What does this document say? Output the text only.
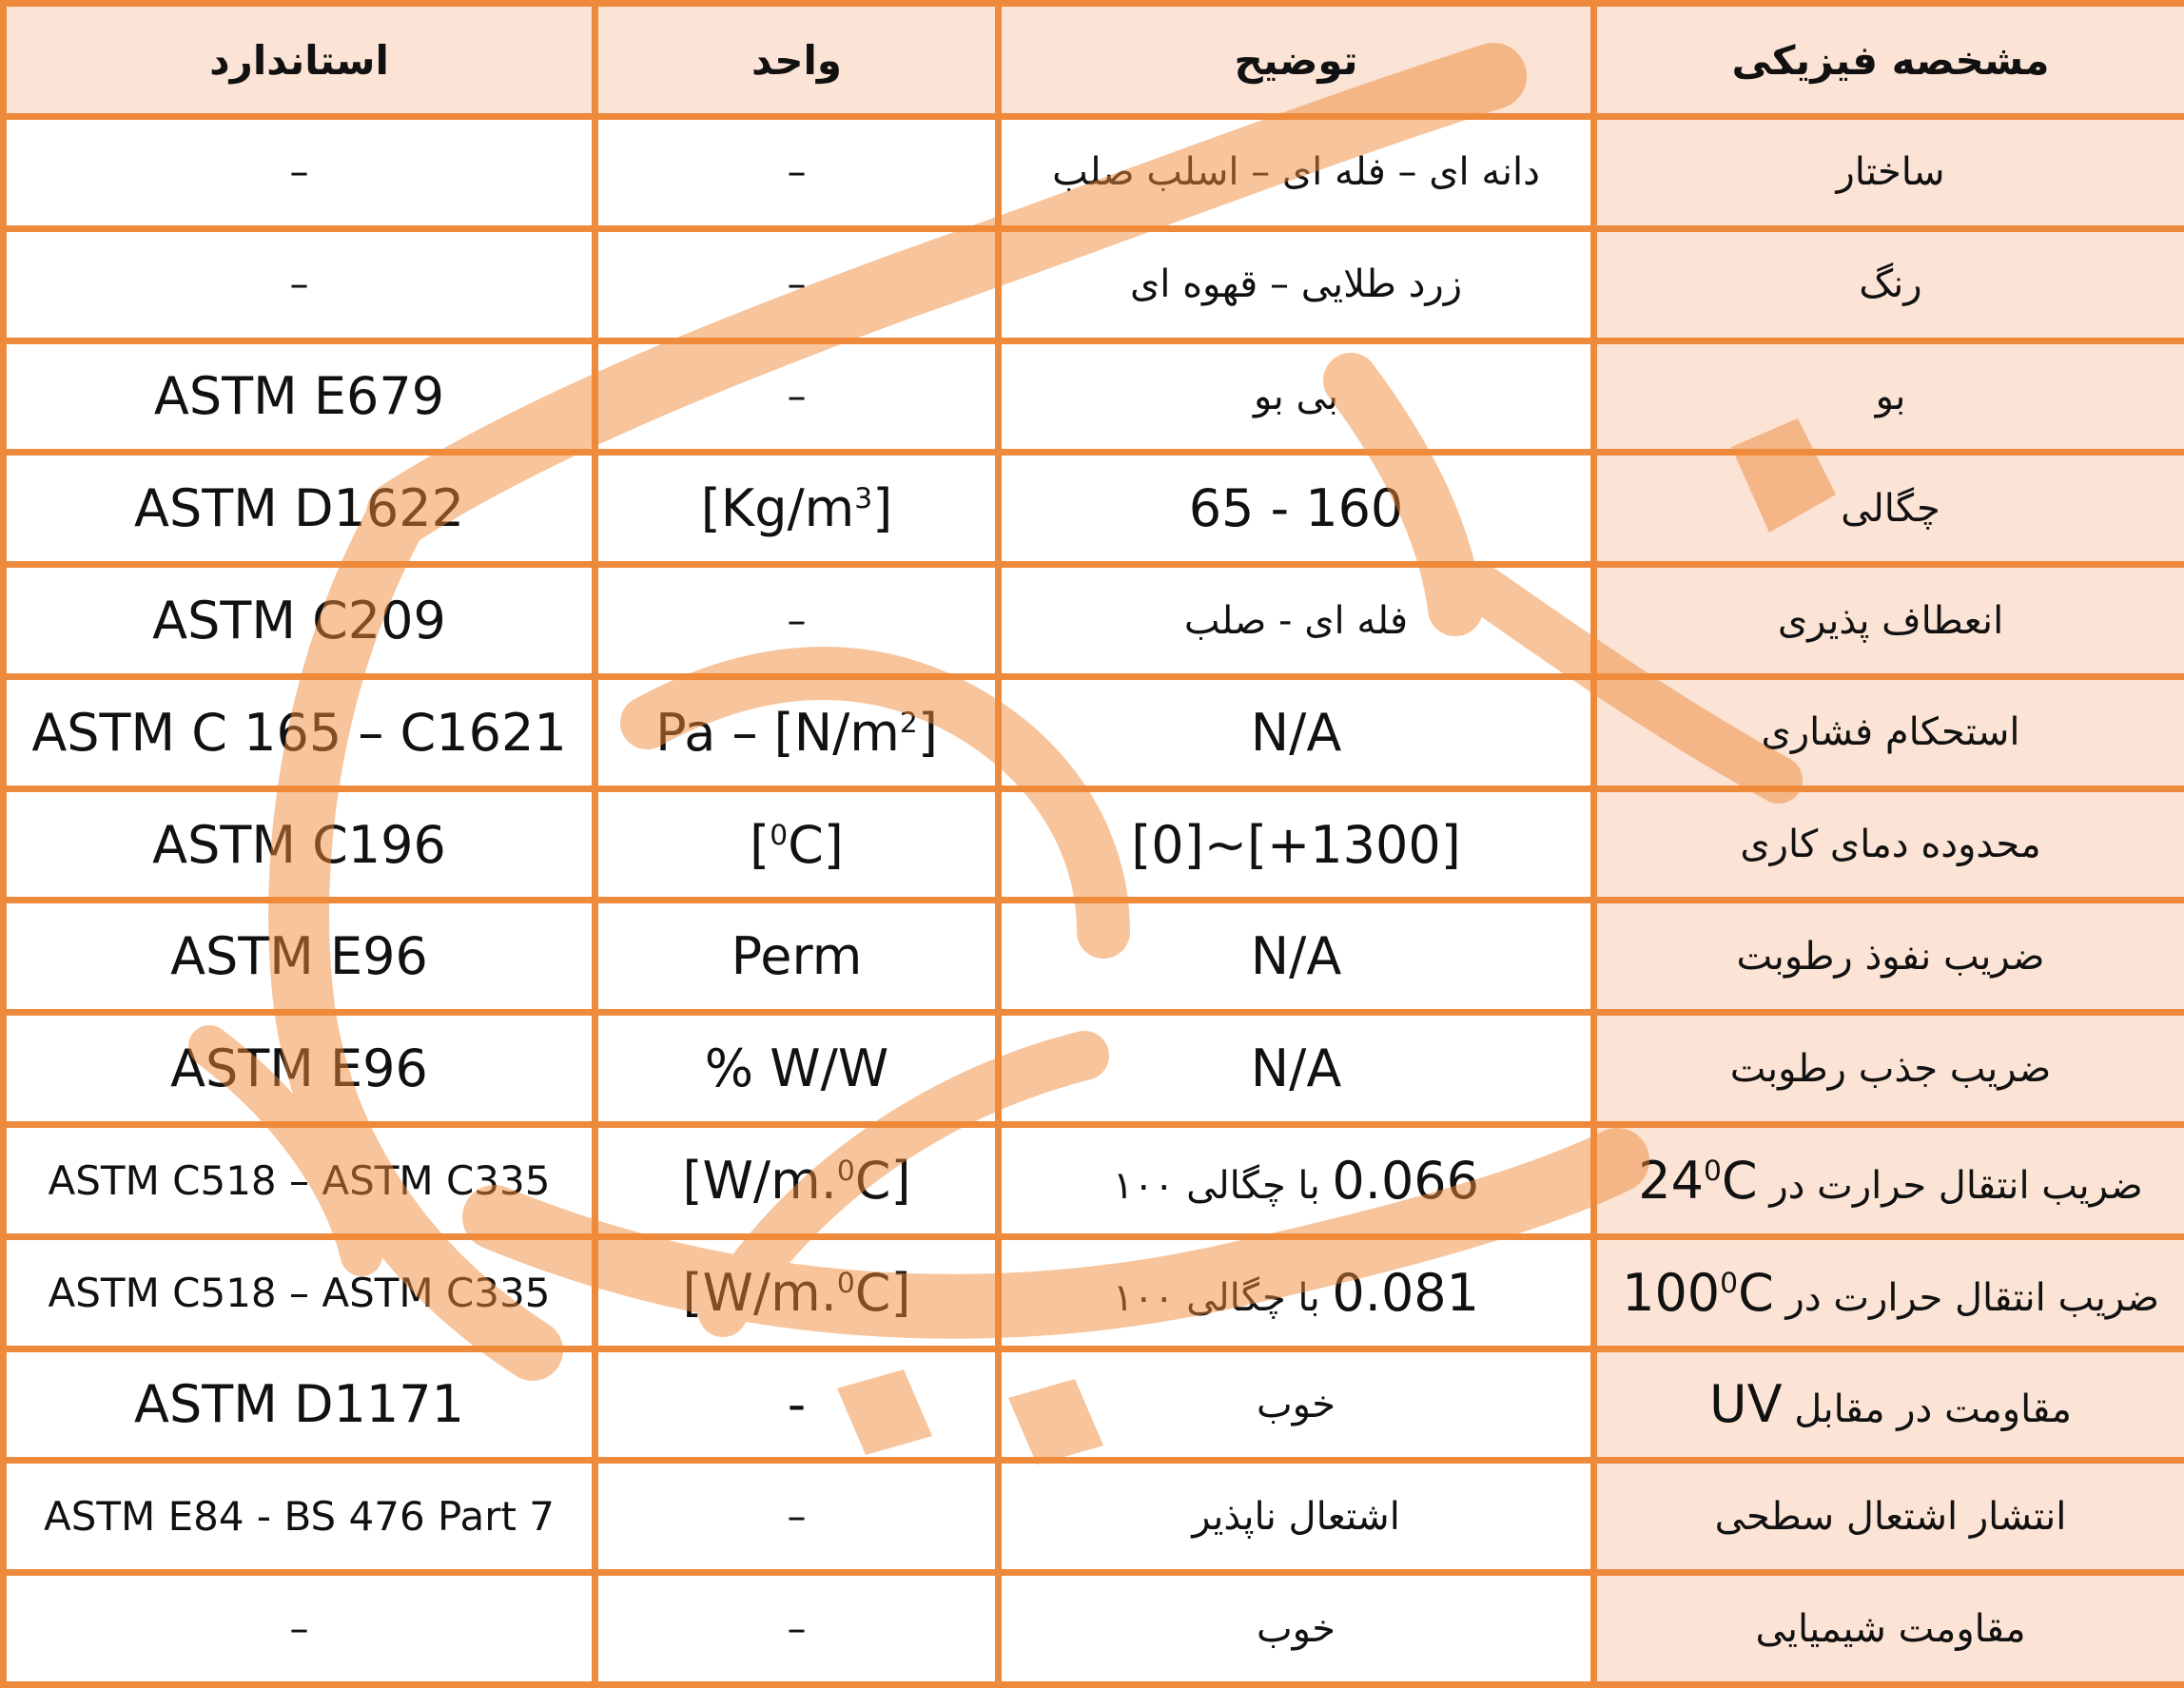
مشخصه فیزیکی	توضیح	واحد	استاندارد
ساختار	دانه ای – فله ای – اسلب صلب	–	–
رنگ	زرد طلایی – قهوه ای	–	–
بو	بی بو	–	ASTM E679
چگالی	65 - 160	$[Kg/m^3]$	ASTM D1622
انعطاف پذیری	فله ای - صلب	–	ASTM C209
استحکام فشاری	N/A	Pa – $[N/m^2]$	ASTM C 165 – C1621
محدوده دمای کاری	[0]~[+1300]	[$^0$C]	ASTM C196
ضریب نفوذ رطوبت	N/A	Perm	ASTM E96
ضریب جذب رطوبت	N/A	% W/W	ASTM E96
ضریب انتقال حرارت در $24^0C$	0.066 با چگالی ۱۰۰	[W/m.$^0$C]	ASTM C518 – ASTM C335
ضریب انتقال حرارت در $100^0C$	0.081 با چگالی ۱۰۰	[W/m.$^0$C]	ASTM C518 – ASTM C335
مقاومت در مقابل UV	خوب	-	ASTM D1171
انتشار اشتعال سطحی	اشتعال ناپذیر	–	ASTM E84 - BS 476 Part 7
مقاومت شیمیایی	خوب	–	–
